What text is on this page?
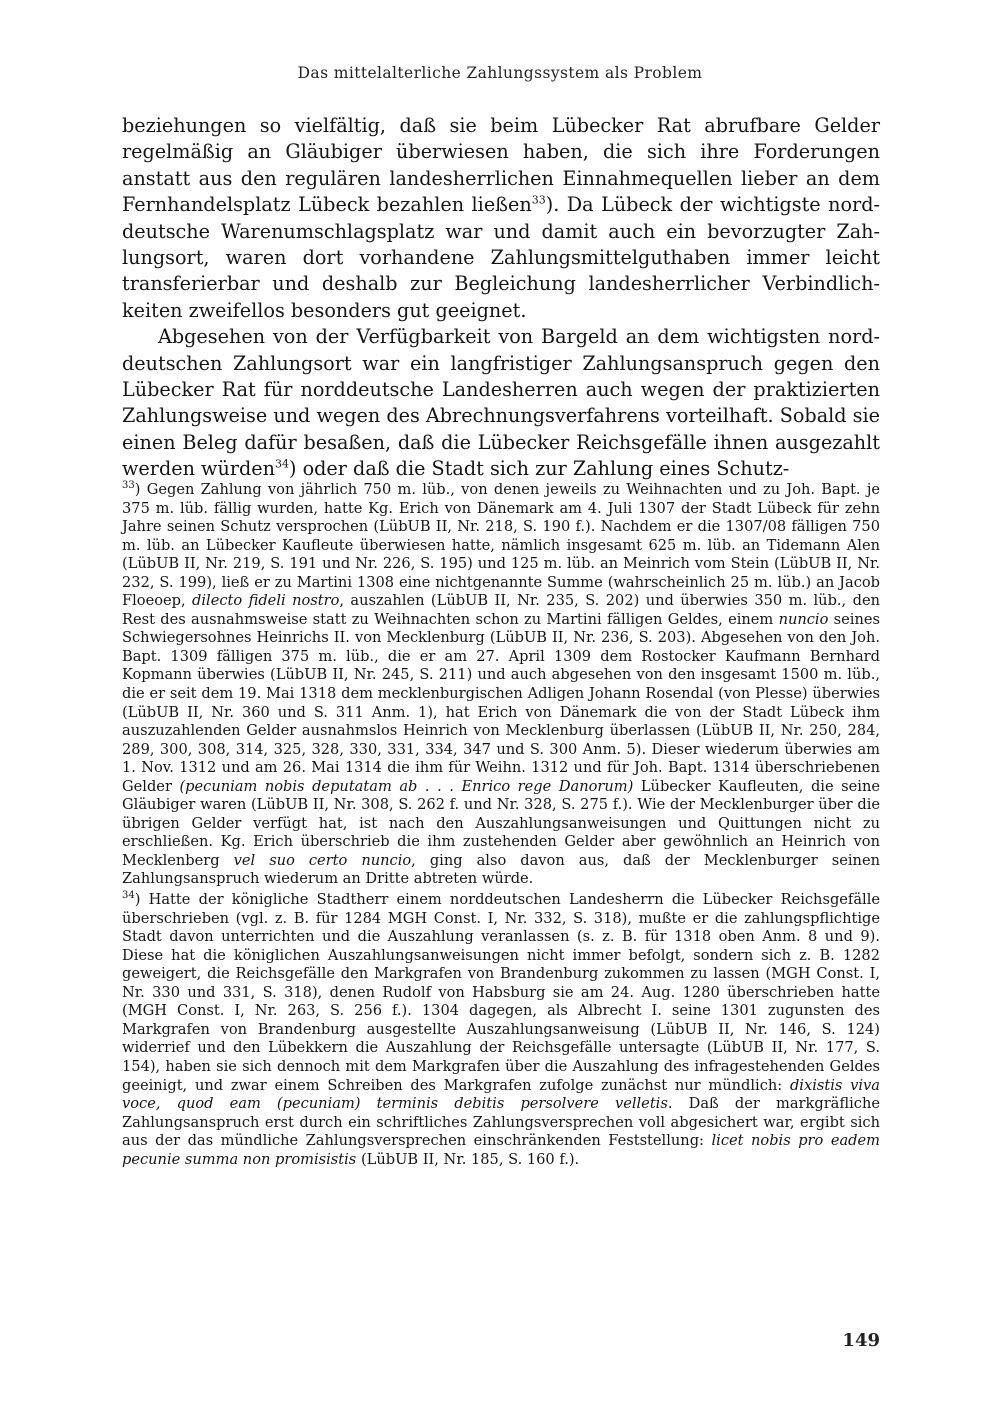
Das mittelalterliche Zahlungssystem als Problem

beziehungen so vielfältig, daß sie beim Lübecker Rat abrufbare Gelder regelmäßig an Gläubiger überwiesen haben, die sich ihre Forderungen anstatt aus den regulären landesherrlichen Einnahmequellen lieber an dem Fernhandelsplatz Lübeck bezahlen ließen$^{33}$). Da Lübeck der wichtigste norddeutsche Warenumschlagsplatz war und damit auch ein bevorzugter Zahlungsort, waren dort vorhandene Zahlungsmittelguthaben immer leicht transferierbar und deshalb zur Begleichung landesherrlicher Verbindlichkeiten zweifellos besonders gut geeignet.

Abgesehen von der Verfügbarkeit von Bargeld an dem wichtigsten norddeutschen Zahlungsort war ein langfristiger Zahlungsanspruch gegen den Lübecker Rat für norddeutsche Landesherren auch wegen der praktizierten Zahlungsweise und wegen des Abrechnungsverfahrens vorteilhaft. Sobald sie einen Beleg dafür besaßen, daß die Lübecker Reichsgefälle ihnen ausgezahlt werden würden$^{34}$) oder daß die Stadt sich zur Zahlung eines Schutz-

$^{33}$) Gegen Zahlung von jährlich 750 m. lüb., von denen jeweils zu Weihnachten und zu Joh. Bapt. je 375 m. lüb. fällig wurden, hatte Kg. Erich von Dänemark am 4. Juli 1307 der Stadt Lübeck für zehn Jahre seinen Schutz versprochen (LübUB II, Nr. 218, S. 190 f.). Nachdem er die 1307/08 fälligen 750 m. lüb. an Lübecker Kaufleute überwiesen hatte, nämlich insgesamt 625 m. lüb. an Tidemann Alen (LübUB II, Nr. 219, S. 191 und Nr. 226, S. 195) und 125 m. lüb. an Meinrich vom Stein (LübUB II, Nr. 232, S. 199), ließ er zu Martini 1308 eine nichtgenannte Summe (wahrscheinlich 25 m. lüb.) an Jacob Floeoep, dilecto fideli nostro, auszahlen (LübUB II, Nr. 235, S. 202) und überwies 350 m. lüb., den Rest des ausnahmsweise statt zu Weihnachten schon zu Martini fälligen Geldes, einem nuncio seines Schwiegersohnes Heinrichs II. von Mecklenburg (LübUB II, Nr. 236, S. 203). Abgesehen von den Joh. Bapt. 1309 fälligen 375 m. lüb., die er am 27. April 1309 dem Rostocker Kaufmann Bernhard Kopmann überwies (LübUB II, Nr. 245, S. 211) und auch abgesehen von den insgesamt 1500 m. lüb., die er seit dem 19. Mai 1318 dem mecklenburgischen Adligen Johann Rosendal (von Plesse) überwies (LübUB II, Nr. 360 und S. 311 Anm. 1), hat Erich von Dänemark die von der Stadt Lübeck ihm auszuzahlenden Gelder ausnahmslos Heinrich von Mecklenburg überlassen (LübUB II, Nr. 250, 284, 289, 300, 308, 314, 325, 328, 330, 331, 334, 347 und S. 300 Anm. 5). Dieser wiederum überwies am 1. Nov. 1312 und am 26. Mai 1314 die ihm für Weihn. 1312 und für Joh. Bapt. 1314 überschriebenen Gelder (pecuniam nobis deputatam ab . . . Enrico rege Danorum) Lübecker Kaufleuten, die seine Gläubiger waren (LübUB II, Nr. 308, S. 262 f. und Nr. 328, S. 275 f.). Wie der Mecklenburger über die übrigen Gelder verfügt hat, ist nach den Auszahlungsanweisungen und Quittungen nicht zu erschließen. Kg. Erich überschrieb die ihm zustehenden Gelder aber gewöhnlich an Heinrich von Mecklenberg vel suo certo nuncio, ging also davon aus, daß der Mecklenburger seinen Zahlungsanspruch wiederum an Dritte abtreten würde.

$^{34}$) Hatte der königliche Stadtherr einem norddeutschen Landesherrn die Lübecker Reichsgefälle überschrieben (vgl. z. B. für 1284 MGH Const. I, Nr. 332, S. 318), mußte er die zahlungspflichtige Stadt davon unterrichten und die Auszahlung veranlassen (s. z. B. für 1318 oben Anm. 8 und 9). Diese hat die königlichen Auszahlungsanweisungen nicht immer befolgt, sondern sich z. B. 1282 geweigert, die Reichsgefälle den Markgrafen von Brandenburg zukommen zu lassen (MGH Const. I, Nr. 330 und 331, S. 318), denen Rudolf von Habsburg sie am 24. Aug. 1280 überschrieben hatte (MGH Const. I, Nr. 263, S. 256 f.). 1304 dagegen, als Albrecht I. seine 1301 zugunsten des Markgrafen von Brandenburg ausgestellte Auszahlungsanweisung (LübUB II, Nr. 146, S. 124) widerrief und den Lübekkern die Auszahlung der Reichsgefälle untersagte (LübUB II, Nr. 177, S. 154), haben sie sich dennoch mit dem Markgrafen über die Auszahlung des infragestehenden Geldes geeinigt, und zwar einem Schreiben des Markgrafen zufolge zunächst nur mündlich: dixistis viva voce, quod eam (pecuniam) terminis debitis persolvere velletis. Daß der markgräfliche Zahlungsanspruch erst durch ein schriftliches Zahlungsversprechen voll abgesichert war, ergibt sich aus der das mündliche Zahlungsversprechen einschränkenden Feststellung: licet nobis pro eadem pecunie summa non promisistis (LübUB II, Nr. 185, S. 160 f.).

149
